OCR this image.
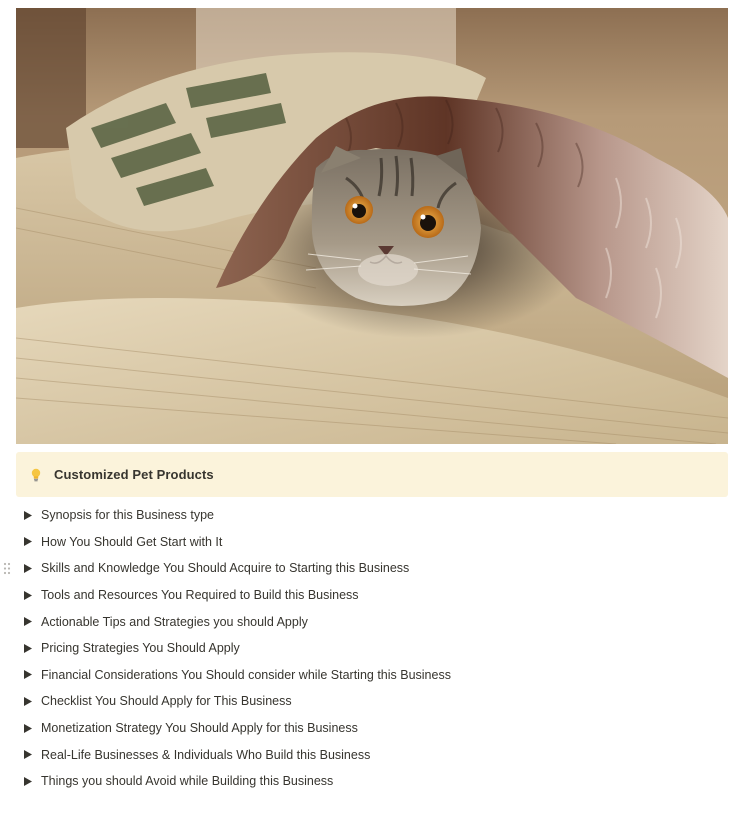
Customized Pet Products
Synopsis for this Business type
How You Should Get Start with It
Skills and Knowledge You Should Acquire to Starting this Business
Tools and Resources You Required to Build this Business
Actionable Tips and Strategies you should Apply
Pricing Strategies You Should Apply
Financial Considerations You Should consider while Starting this Business
Checklist You Should Apply for This Business
Monetization Strategy You Should Apply for this Business
Real-Life Businesses & Individuals Who Build this Business
Things you should Avoid while Building this Business
